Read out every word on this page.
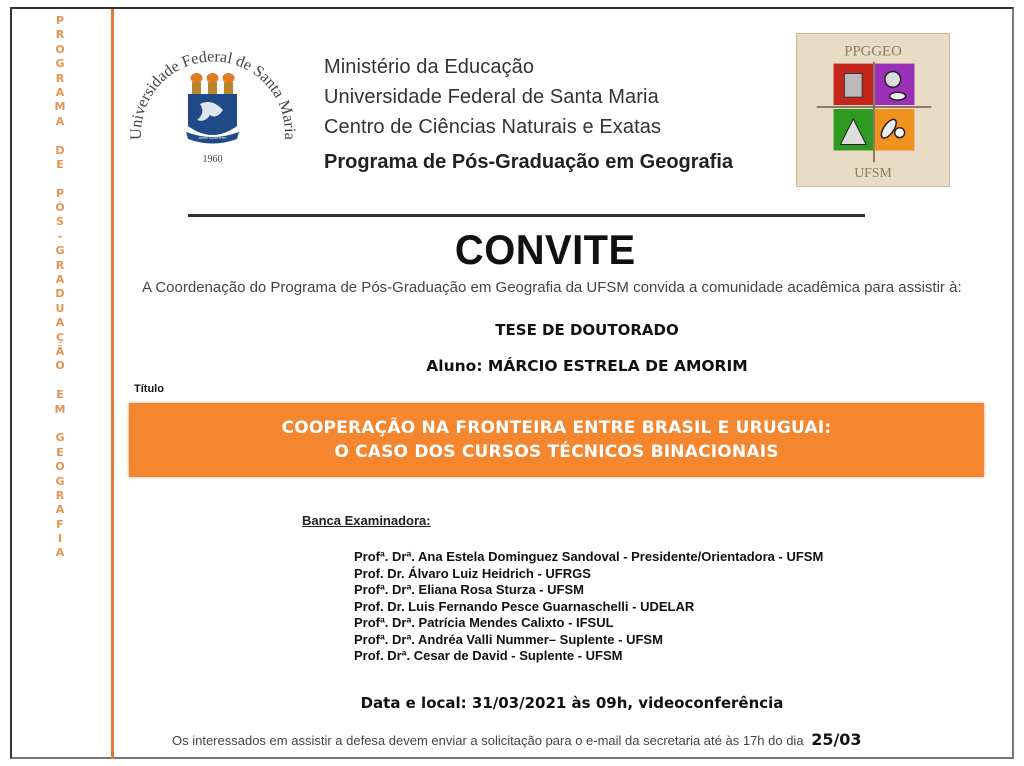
P
R
O
G
R
A
M
A
D
E
P
Ó
S
-
G
R
A
D
U
A
Ç
Ã
O
E
M
G
E
O
G
R
A
F
I
A
SERIS SAPIENTIE
1960
Universidade Federal de Santa Maria
Ministério da Educação
Universidade Federal de Santa Maria
Centro de Ciências Naturais e Exatas
Programa de Pós-Graduação em Geografia
PPGGEO
UFSM
CONVITE
A Coordenação do Programa de Pós-Graduação em Geografia da UFSM convida a comunidade acadêmica para assistir à:
TESE DE DOUTORADO
Aluno: MÁRCIO ESTRELA DE AMORIM
Título
COOPERAÇÃO NA FRONTEIRA ENTRE BRASIL E URUGUAI:
O CASO DOS CURSOS TÉCNICOS BINACIONAIS
Banca Examinadora:
Profª. Drª. Ana Estela Dominguez Sandoval - Presidente/Orientadora - UFSM
Prof. Dr. Álvaro Luiz Heidrich - UFRGS
Profª. Drª. Eliana Rosa Sturza - UFSM
Prof. Dr. Luis Fernando Pesce Guarnaschelli - UDELAR
Profª. Drª. Patrícia Mendes Calixto - IFSUL
Profª. Drª. Andréa Valli Nummer– Suplente - UFSM
Prof. Drª. Cesar de David - Suplente - UFSM
Data e local: 31/03/2021 às 09h, videoconferência
Os interessados em assistir a defesa devem enviar a solicitação para o e-mail da secretaria até às 17h do dia 25/03
